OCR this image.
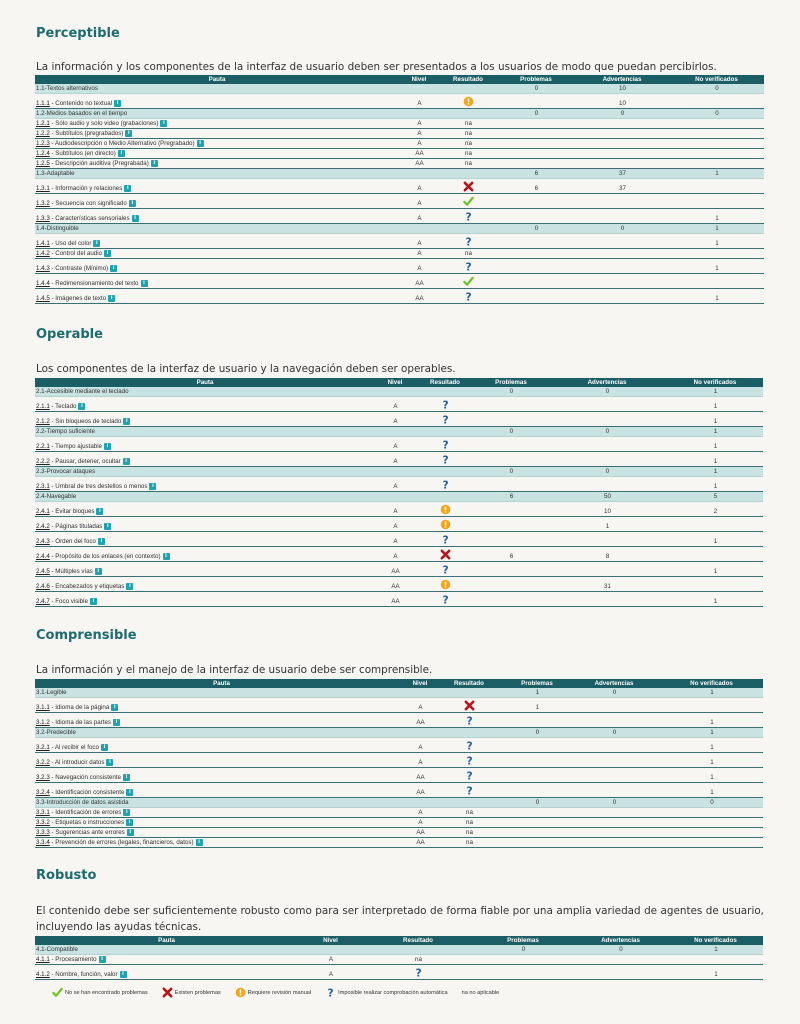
Perceptible

La información y los componentes de la interfaz de usuario deben ser presentados a los usuarios de modo que puedan percibirlos.

Pauta	Nivel	Resultado	Problemas	Advertencias	No verificados
1.1-Textos alternativos			0	10	0
1.1.1 - Contenido no textual i	A			10	
1.2-Medios basados en el tiempo			0	0	0
1.2.1 - Sólo audio y solo video (grabaciones) i	A	na			
1.2.2 - Subtítulos (pregrabados) i	A	na			
1.2.3 - Audiodescripción o Medio Alternativo (Pregrabado) i	A	na			
1.2.4 - Subtítulos (en directo) i	AA	na			
1.2.5 - Descripción auditiva (Pregrabada) i	AA	na			
1.3-Adaptable			6	37	1
1.3.1 - Información y relaciones i	A		6	37	
1.3.2 - Secuencia con significado i	A	

1.3.3 - Características sensoriales i	A	?			1
1.4-Distinguible			0	0	1
1.4.1 - Uso del color i	A	?			1
1.4.2 - Control del audio i	A	na			
1.4.3 - Contraste (Mínimo) i	A	?			1
1.4.4 - Redimensionamiento del texto i	AA	

1.4.5 - Imágenes de texto i	AA	?			1
Operable

Los componentes de la interfaz de usuario y la navegación deben ser operables.

Pauta	Nivel	Resultado	Problemas	Advertencias	No verificados
2.1-Accesible mediante el teclado			0	0	1
2.1.1 - Teclado i	A	?			1
2.1.2 - Sin bloqueos de teclado i	A	?			1
2.2-Tiempo suficiente			0	0	1
2.2.1 - Tiempo ajustable i	A	?			1
2.2.2 - Pausar, detener, ocultar i	A	?			1
2.3-Provocar ataques			0	0	1
2.3.1 - Umbral de tres destellos o menos i	A	?			1
2.4-Navegable			6	50	5
2.4.1 - Evitar bloques i	A			10	2
2.4.2 - Páginas tituladas i	A			1	
2.4.3 - Orden del foco i	A	?			1
2.4.4 - Propósito de los enlaces (en contexto) i	A		6	8	
2.4.5 - Múltiples vías i	AA	?			1
2.4.6 - Encabezados y etiquetas i	AA			31	
2.4.7 - Foco visible i	AA	?			1
Comprensible

La información y el manejo de la interfaz de usuario debe ser comprensible.

Pauta	Nivel	Resultado	Problemas	Advertencias	No verificados
3.1-Legible			1	0	1
3.1.1 - Idioma de la página i	A		1		
3.1.2 - Idioma de las partes i	AA	?			1
3.2-Predecible			0	0	1
3.2.1 - Al recibir el foco i	A	?			1
3.2.2 - Al introducir datos i	A	?			1
3.2.3 - Navegación consistente i	AA	?			1
3.2.4 - Identificación consistente i	AA	?			1
3.3-Introducción de datos asistida			0	0	0
3.3.1 - Identificación de errores i	A	na			
3.3.2 - Etiquetas o instrucciones i	A	na			
3.3.3 - Sugerencias ante errores i	AA	na			
3.3.4 - Prevención de errores (legales, financieros, datos) i	AA	na			
Robusto

El contenido debe ser suficientemente robusto como para ser interpretado de forma fiable por una amplia variedad de agentes de usuario, incluyendo las ayudas técnicas.

Pauta	Nivel	Resultado	Problemas	Advertencias	No verificados
4.1-Compatible			0	0	1
4.1.1 - Procesamiento i	A	na			
4.1.2 - Nombre, función, valor i	A	?			1
No se han encontrado problemas	Existen problemas	Requiere revisión manual ? Imposible realizar comprobación automática	na no aplicable
